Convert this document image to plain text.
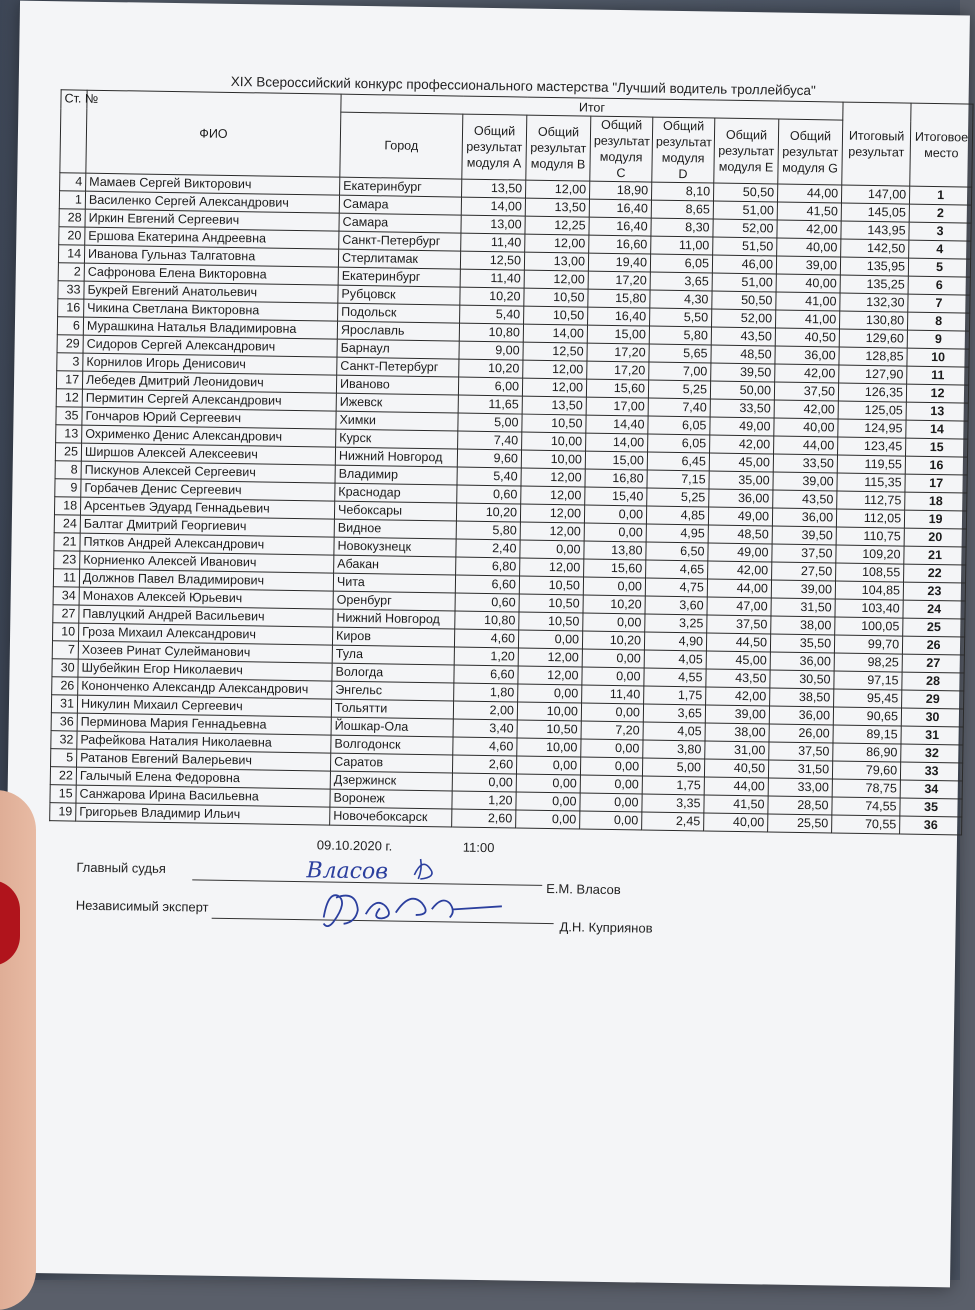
XIX Всероссийский конкурс профессионального мастерства "Лучший водитель троллейбуса"
Ст. №	ФИО	Итог							Итоговый результат	Итоговое место
		Город	Общий результат модуля A	Общий результат модуля B	Общий результат модуля C	Общий результат модуля D	Общий результат модуля E	Общий результат модуля G		
4	Мамаев Сергей Викторович	Екатеринбург	13,50	12,00	18,90	8,10	50,50	44,00	147,00	1
1	Василенко Сергей Александрович	Самара	14,00	13,50	16,40	8,65	51,00	41,50	145,05	2
28	Иркин Евгений Сергеевич	Самара	13,00	12,25	16,40	8,30	52,00	42,00	143,95	3
20	Ершова Екатерина Андреевна	Санкт-Петербург	11,40	12,00	16,60	11,00	51,50	40,00	142,50	4
14	Иванова Гульназ Талгатовна	Стерлитамак	12,50	13,00	19,40	6,05	46,00	39,00	135,95	5
2	Сафронова Елена Викторовна	Екатеринбург	11,40	12,00	17,20	3,65	51,00	40,00	135,25	6
33	Букрей Евгений Анатольевич	Рубцовск	10,20	10,50	15,80	4,30	50,50	41,00	132,30	7
16	Чикина Светлана Викторовна	Подольск	5,40	10,50	16,40	5,50	52,00	41,00	130,80	8
6	Мурашкина Наталья Владимировна	Ярославль	10,80	14,00	15,00	5,80	43,50	40,50	129,60	9
29	Сидоров Сергей Александрович	Барнаул	9,00	12,50	17,20	5,65	48,50	36,00	128,85	10
3	Корнилов Игорь Денисович	Санкт-Петербург	10,20	12,00	17,20	7,00	39,50	42,00	127,90	11
17	Лебедев Дмитрий Леонидович	Иваново	6,00	12,00	15,60	5,25	50,00	37,50	126,35	12
12	Пермитин Сергей Александрович	Ижевск	11,65	13,50	17,00	7,40	33,50	42,00	125,05	13
35	Гончаров Юрий Сергеевич	Химки	5,00	10,50	14,40	6,05	49,00	40,00	124,95	14
13	Охрименко Денис Александрович	Курск	7,40	10,00	14,00	6,05	42,00	44,00	123,45	15
25	Ширшов Алексей Алексеевич	Нижний Новгород	9,60	10,00	15,00	6,45	45,00	33,50	119,55	16
8	Пискунов Алексей Сергеевич	Владимир	5,40	12,00	16,80	7,15	35,00	39,00	115,35	17
9	Горбачев Денис Сергеевич	Краснодар	0,60	12,00	15,40	5,25	36,00	43,50	112,75	18
18	Арсентьев Эдуард Геннадьевич	Чебоксары	10,20	12,00	0,00	4,85	49,00	36,00	112,05	19
24	Балтаг Дмитрий Георгиевич	Видное	5,80	12,00	0,00	4,95	48,50	39,50	110,75	20
21	Пятков Андрей Александрович	Новокузнецк	2,40	0,00	13,80	6,50	49,00	37,50	109,20	21
23	Корниенко Алексей Иванович	Абакан	6,80	12,00	15,60	4,65	42,00	27,50	108,55	22
11	Должнов Павел Владимирович	Чита	6,60	10,50	0,00	4,75	44,00	39,00	104,85	23
34	Монахов Алексей Юрьевич	Оренбург	0,60	10,50	10,20	3,60	47,00	31,50	103,40	24
27	Павлуцкий Андрей Васильевич	Нижний Новгород	10,80	10,50	0,00	3,25	37,50	38,00	100,05	25
10	Гроза Михаил Александрович	Киров	4,60	0,00	10,20	4,90	44,50	35,50	99,70	26
7	Хозеев Ринат Сулейманович	Тула	1,20	12,00	0,00	4,05	45,00	36,00	98,25	27
30	Шубейкин Егор Николаевич	Вологда	6,60	12,00	0,00	4,55	43,50	30,50	97,15	28
26	Кононченко Александр Александрович	Энгельс	1,80	0,00	11,40	1,75	42,00	38,50	95,45	29
31	Никулин Михаил Сергеевич	Тольятти	2,00	10,00	0,00	3,65	39,00	36,00	90,65	30
36	Перминова Мария Геннадьевна	Йошкар-Ола	3,40	10,50	7,20	4,05	38,00	26,00	89,15	31
32	Рафейкова Наталия Николаевна	Волгодонск	4,60	10,00	0,00	3,80	31,00	37,50	86,90	32
5	Ратанов Евгений Валерьевич	Саратов	2,60	0,00	0,00	5,00	40,50	31,50	79,60	33
22	Галычый Елена Федоровна	Дзержинск	0,00	0,00	0,00	1,75	44,00	33,00	78,75	34
15	Санжарова Ирина Васильевна	Воронеж	1,20	0,00	0,00	3,35	41,50	28,50	74,55	35
19	Григорьев Владимир Ильич	Новочебоксарск	2,60	0,00	0,00	2,45	40,00	25,50	70,55	36
09.10.2020 г.	11:00
Главный судья	Власов
Е.М. Власов
Независимый эксперт
Д.Н. Куприянов
